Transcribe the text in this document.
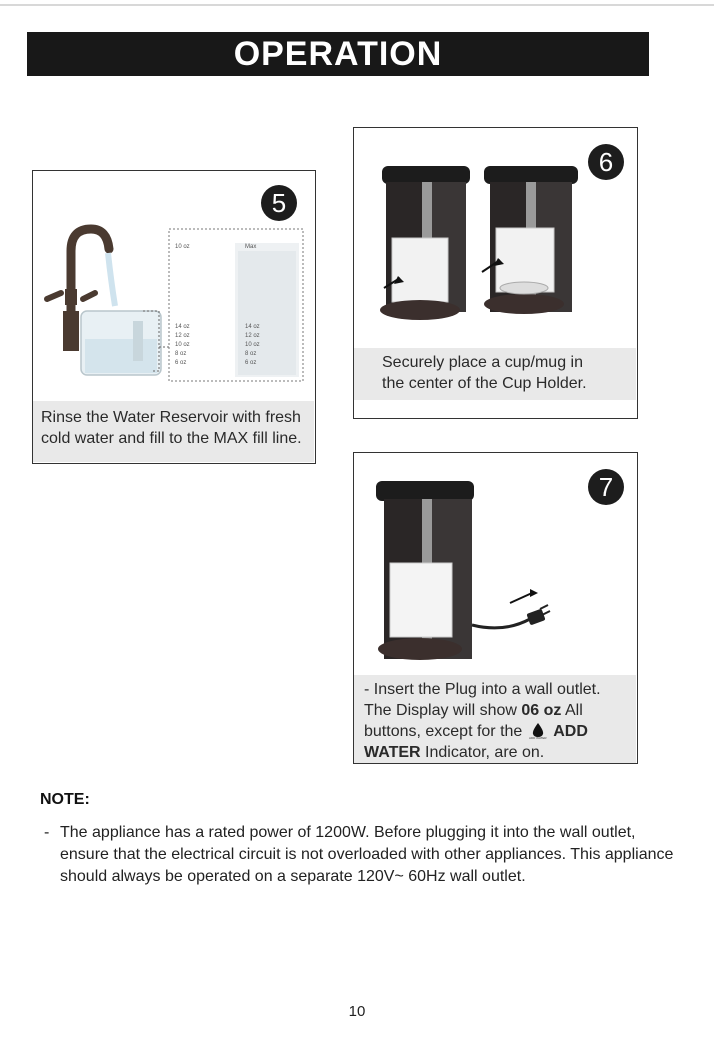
OPERATION
5
10 oz
14 oz
12 oz
10 oz
8 oz
6 oz
Max
14 oz
12 oz
10 oz
8 oz
6 oz
Rinse the Water Reservoir with fresh cold water and fill to the MAX fill line.
6
Securely place a cup/mug in the center of the Cup Holder.
7
- Insert the Plug into a wall outlet. The Display will show 06 oz All buttons, except for the	ADD WATER ADD WATER Indicator, are on.
NOTE:
- The appliance has a rated power of 1200W. Before plugging it into the wall outlet, ensure that the electrical circuit is not overloaded with other appliances. This appliance should always be operated on a separate 120V~ 60Hz wall outlet.
10
